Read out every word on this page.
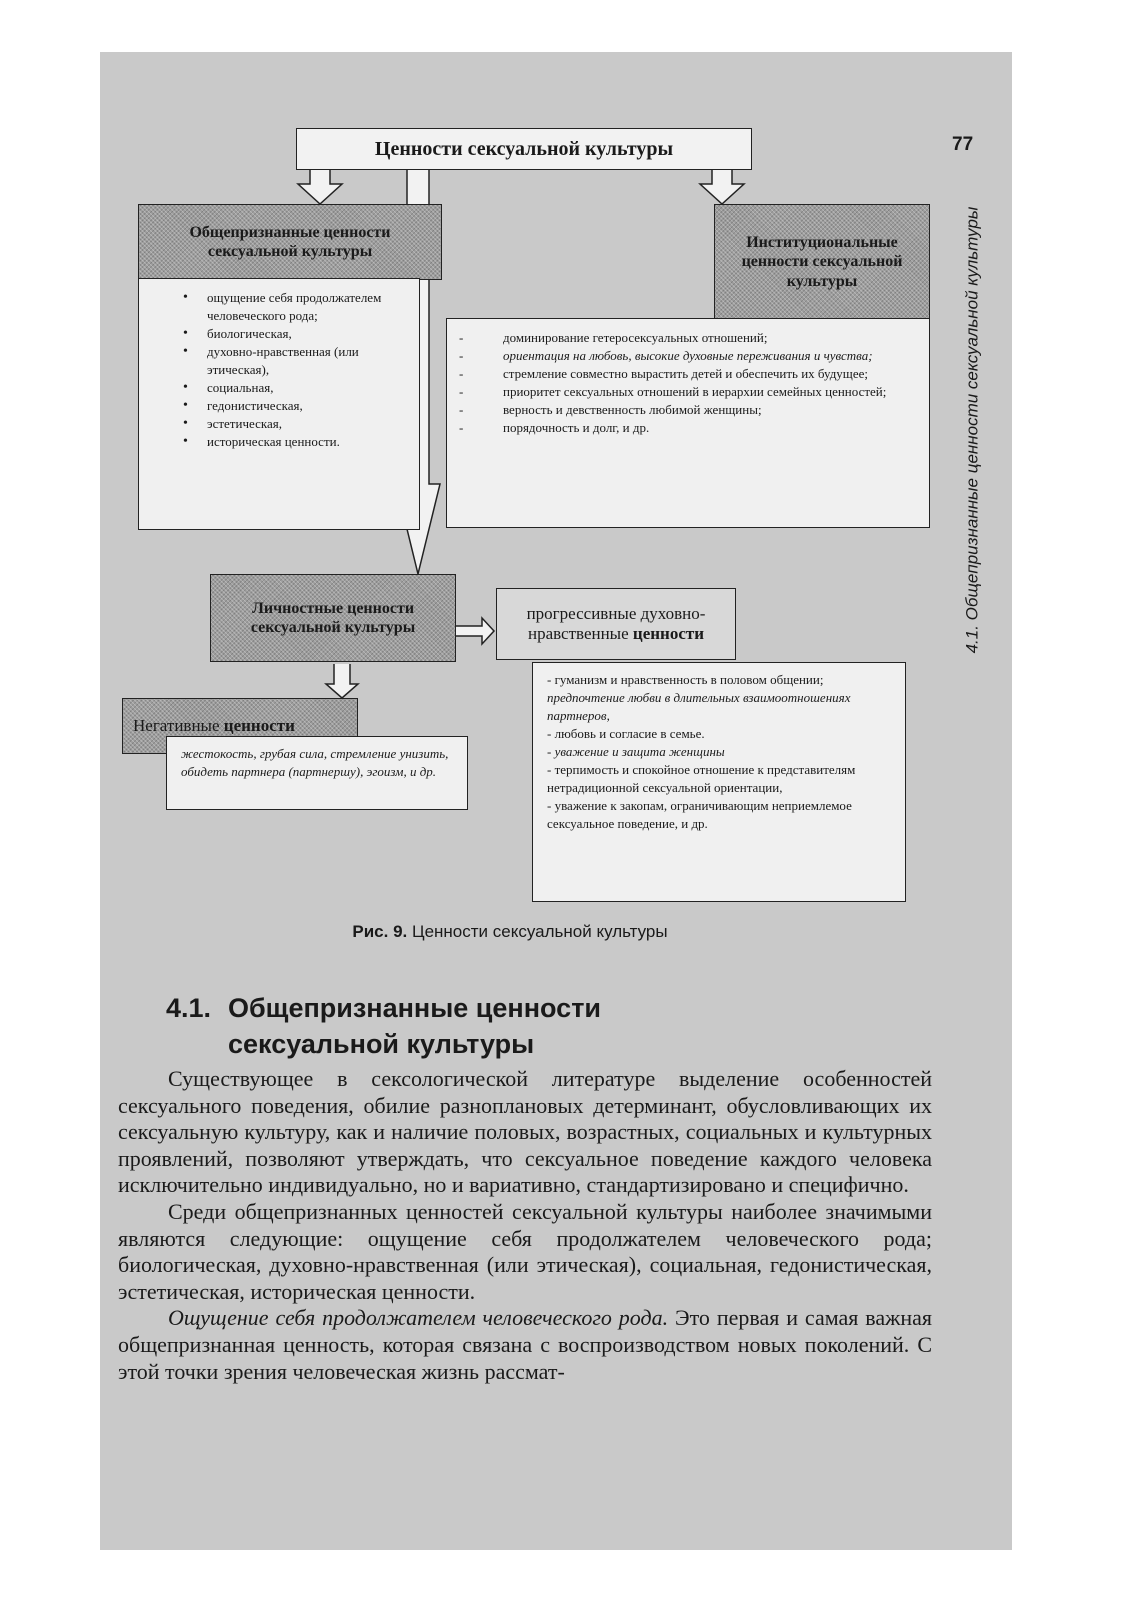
77

4.1. Общепризнанные ценности сексуальной культуры
Ценности сексуальной культуры
Общепризнанные ценности сексуальной культуры
• ощущение себя продолжателем человеческого рода;
• биологическая,
• духовно-нравственная (или этическая),
• социальная,
• гедонистическая,
• эстетическая,
• историческая ценности.
Институциональные ценности сексуальной культуры
- доминирование гетеросексуальных отношений;
- ориентация на любовь, высокие духовные переживания и чувства;
- стремление совместно вырастить детей и обеспечить их будущее;
- приоритет сексуальных отношений в иерархии семейных ценностей;
- верность и девственность любимой женщины;
- порядочность и долг, и др.
Личностные ценности сексуальной культуры
прогрессивные духовно-нравственные ценности

- гуманизм и нравственность в половом общении;

предпочтение любви в длительных взаимоотношениях партнеров,

- любовь и согласие в семье.

- уважение и защита женщины

- терпимость и спокойное отношение к представителям нетрадиционной сексуальной ориентации,

- уважение к закопам, ограничивающим неприемлемое сексуальное поведение, и др.

Негативные ценности

жестокость, грубая сила, стремление унизить, обидеть партнера (партнершу), эгоизм, и др.

Рис. 9. Ценности сексуальной культуры

4.1. Общепризнанные ценности
сексуальной культуры

Существующее в сексологической литературе выделение особенностей сексуального поведения, обилие разноплановых детерминант, обусловливающих их сексуальную культуру, как и наличие половых, возрастных, социальных и культурных проявлений, позволяют утверждать, что сексуальное поведение каждого человека исключительно индивидуально, но и вариативно, стандартизировано и специфично.

Среди общепризнанных ценностей сексуальной культуры наиболее значимыми являются следующие: ощущение себя продолжателем человеческого рода; биологическая, духовно-нравственная (или этическая), социальная, гедонистическая, эстетическая, историческая ценности.

Ощущение себя продолжателем человеческого рода. Это первая и самая важная общепризнанная ценность, которая связана с воспроизводством новых поколений. С этой точки зрения человеческая жизнь рассмат-
